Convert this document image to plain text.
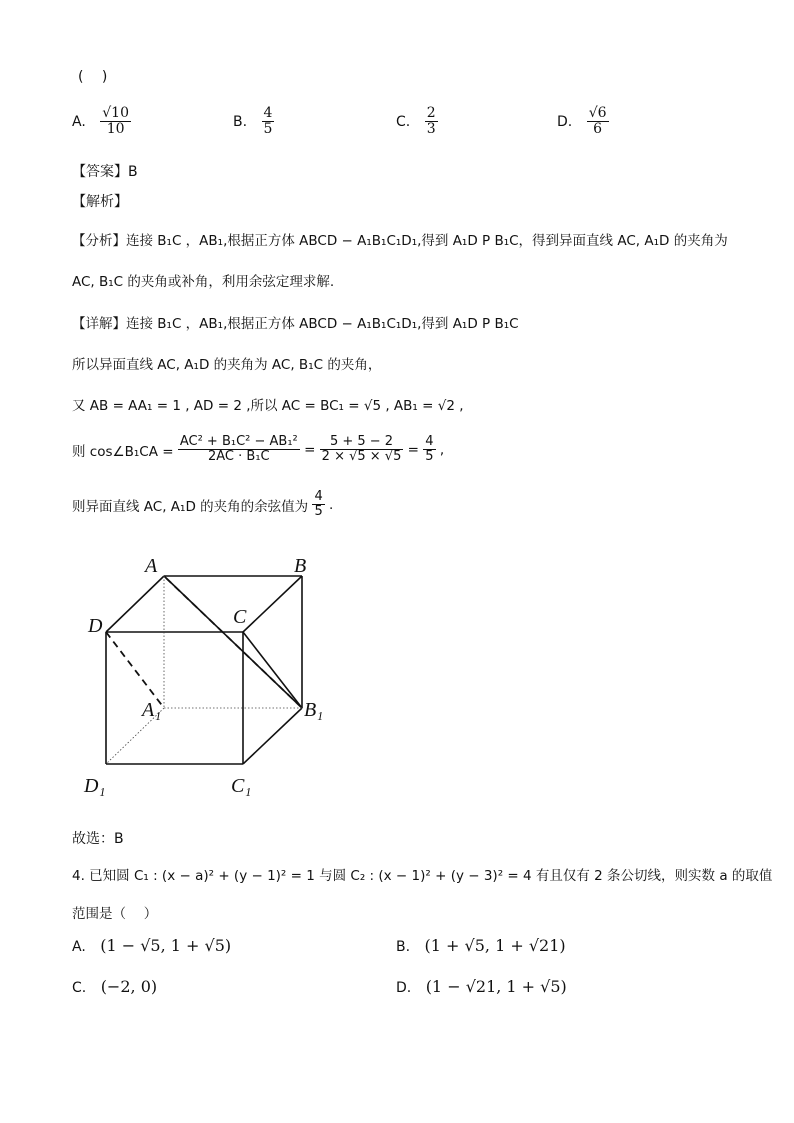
(　 )
A. $\frac{√10}{10}$	B. $\frac{4}{5}$	C. $\frac{2}{3}$	D. $\frac{√6}{6}$
【答案】B
【解析】
【分析】连接 B₁C ，AB₁,根据正方体 ABCD − A₁B₁C₁D₁,得到 A₁D P B₁C，得到异面直线 AC, A₁D 的夹角为
AC, B₁C 的夹角或补角，利用余弦定理求解.
【详解】连接 B₁C ，AB₁,根据正方体 ABCD − A₁B₁C₁D₁,得到 A₁D P B₁C
所以异面直线 AC, A₁D 的夹角为 AC, B₁C 的夹角，
又 AB = AA₁ = 1 , AD = 2 ,所以 AC = BC₁ = √5 , AB₁ = √2 ,
则 cos∠B₁CA = $\frac{\text{AC² + B₁C² − AB₁²}}{\text{2AC · B₁C}} = \frac{5 + 5 - 2}{2 \times √5 \times √5} = \frac{4}{5}$ ,
则异面直线 AC, A₁D 的夹角的余弦值为 $\frac{4}{5}$ .
A	B
C
D
A₁	B₁
C₁
D₁
故选：B
4. 已知圆 C₁ : (x − a)² + (y − 1)² = 1 与圆 C₂ : (x − 1)² + (y − 3)² = 4 有且仅有 2 条公切线，则实数 a 的取值
范围是（　 ）
A. (1 − √5, 1 + √5)	B. (1 + √5, 1 + √21)
C. (−2, 0)	D. (1 − √21, 1 + √5)
